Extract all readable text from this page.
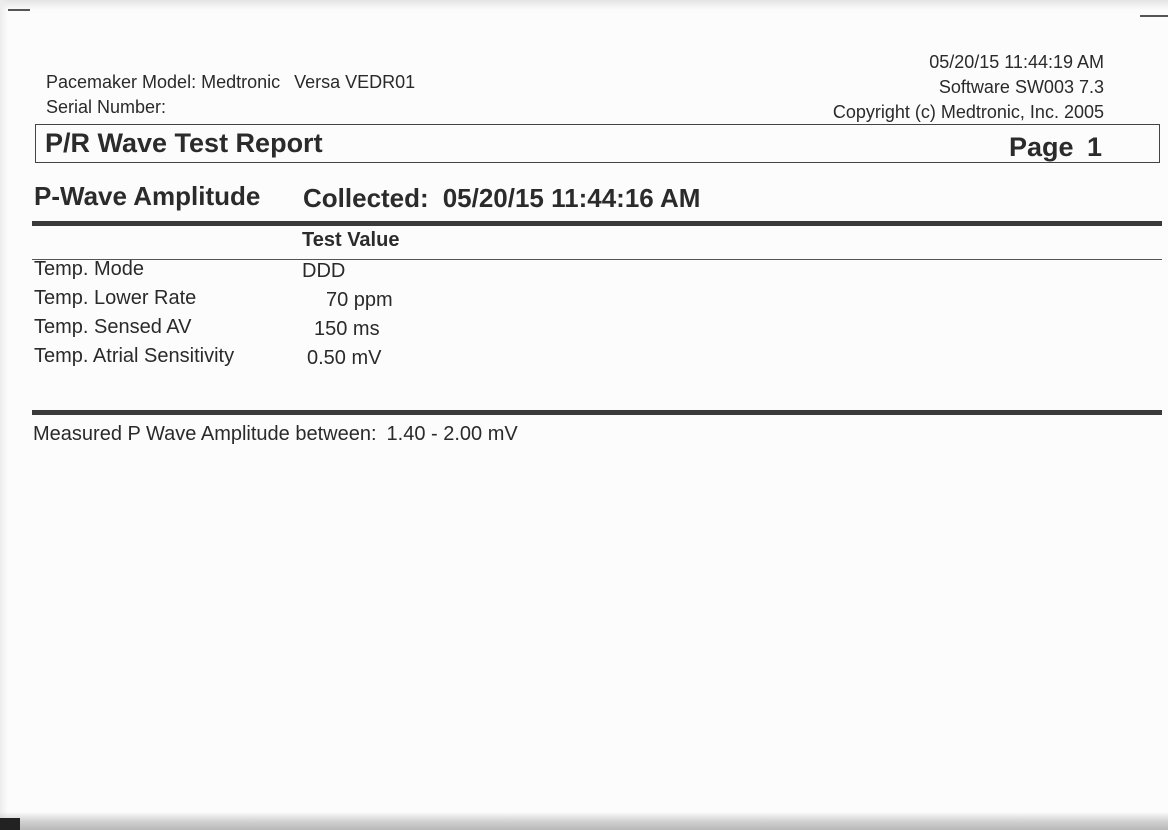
Pacemaker Model: Medtronic Versa VEDR01
Serial Number:
05/20/15 11:44:19 AM
Software SW003 7.3
Copyright (c) Medtronic, Inc. 2005
P/R Wave Test Report	Page 1
P-Wave Amplitude Collected: 05/20/15 11:44:16 AM
Test Value
Temp. Mode	DDD
Temp. Lower Rate	70 ppm
Temp. Sensed AV	150 ms
Temp. Atrial Sensitivity	0.50 mV
Measured P Wave Amplitude between: 1.40 - 2.00 mV
